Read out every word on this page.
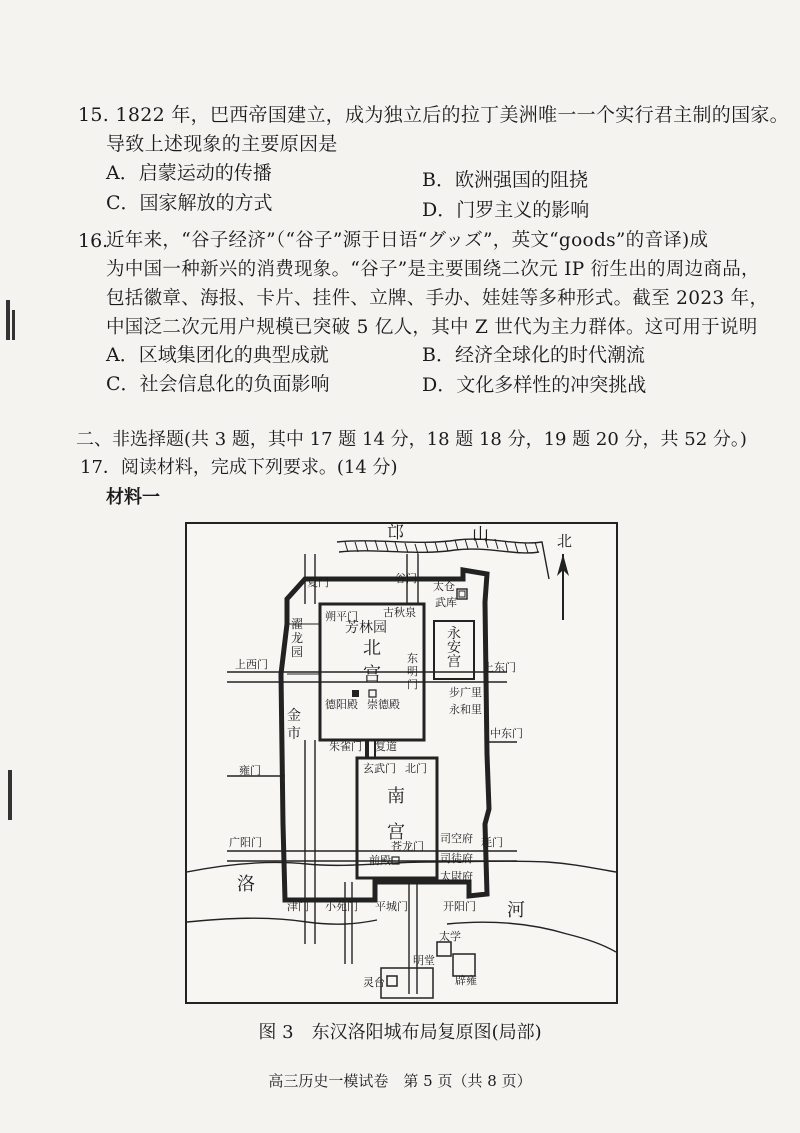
15. 1822 年，巴西帝国建立，成为独立后的拉丁美洲唯一一个实行君主制的国家。
导致上述现象的主要原因是
A．启蒙运动的传播	B．欧洲强国的阻挠
C．国家解放的方式	D．门罗主义的影响
16.
近年来，“谷子经济”（“谷子”源于日语“グッズ”，英文“goods”的音译)成
为中国一种新兴的消费现象。“谷子”是主要围绕二次元 IP 衍生出的周边商品，
包括徽章、海报、卡片、挂件、立牌、手办、娃娃等多种形式。截至 2023 年，
中国泛二次元用户规模已突破 5 亿人，其中 Z 世代为主力群体。这可用于说明
A．区域集团化的典型成就	B．经济全球化的时代潮流
C．社会信息化的负面影响	D．文化多样性的冲突挑战
二、非选择题(共 3 题，其中 17 题 14 分，18 题 18 分，19 题 20 分，共 52 分。)
17．阅读材料，完成下列要求。(14 分)
材料一
邙	山	北
夏门	谷门
太仓
武库
朔平门 古秋泉
上西门	上东门
德阳殿 崇德殿
步广里
永和里
中东门
朱雀门 复道
玄武门 北门
雍门
广阳门	苍龙门
司空府
司徒府
太尉府
耗门
前殿
津门 小苑门 平城门	开阳门
太学
明堂
辟雍
灵台
芳林园
北
宫
永
安
宫
濯
龙
园	东
明
门
金
市
南
宫
洛
河
图 3　东汉洛阳城布局复原图(局部)
高三历史一模试卷　第 5 页（共 8 页）
